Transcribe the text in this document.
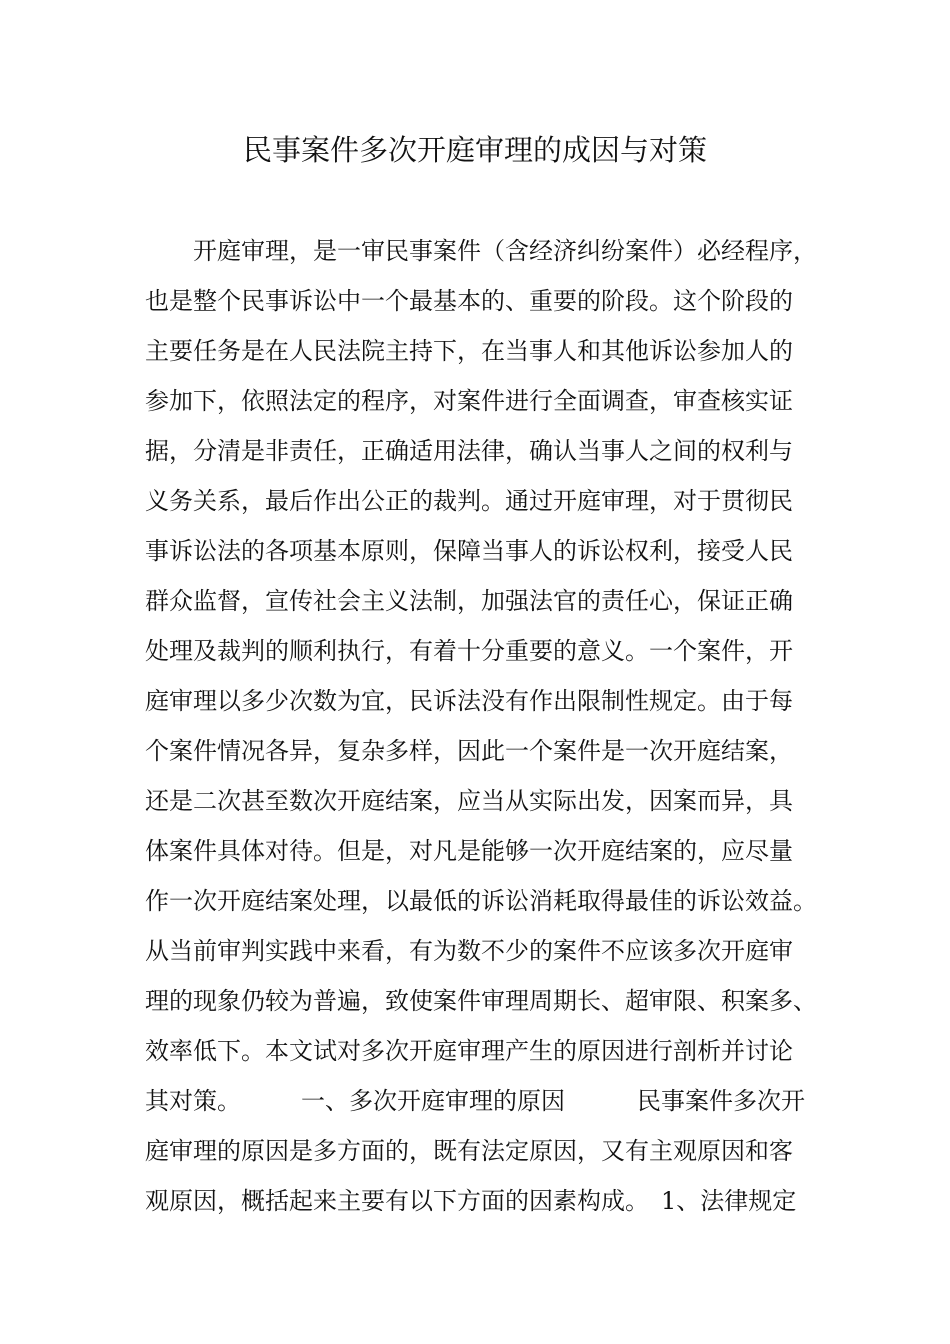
民事案件多次开庭审理的成因与对策
　　开庭审理，是一审民事案件（含经济纠纷案件）必经程序，
也是整个民事诉讼中一个最基本的、重要的阶段。这个阶段的
主要任务是在人民法院主持下，在当事人和其他诉讼参加人的
参加下，依照法定的程序，对案件进行全面调查，审查核实证
据，分清是非责任，正确适用法律，确认当事人之间的权利与
义务关系，最后作出公正的裁判。通过开庭审理，对于贯彻民
事诉讼法的各项基本原则，保障当事人的诉讼权利，接受人民
群众监督，宣传社会主义法制，加强法官的责任心，保证正确
处理及裁判的顺利执行，有着十分重要的意义。一个案件，开
庭审理以多少次数为宜，民诉法没有作出限制性规定。由于每
个案件情况各异，复杂多样，因此一个案件是一次开庭结案，
还是二次甚至数次开庭结案，应当从实际出发，因案而异，具
体案件具体对待。但是，对凡是能够一次开庭结案的，应尽量
作一次开庭结案处理，以最低的诉讼消耗取得最佳的诉讼效益。
从当前审判实践中来看，有为数不少的案件不应该多次开庭审
理的现象仍较为普遍，致使案件审理周期长、超审限、积案多、
效率低下。本文试对多次开庭审理产生的原因进行剖析并讨论
其对策。　　　一、多次开庭审理的原因　　　民事案件多次开
庭审理的原因是多方面的，既有法定原因，又有主观原因和客
观原因，概括起来主要有以下方面的因素构成。　1、法律规定
